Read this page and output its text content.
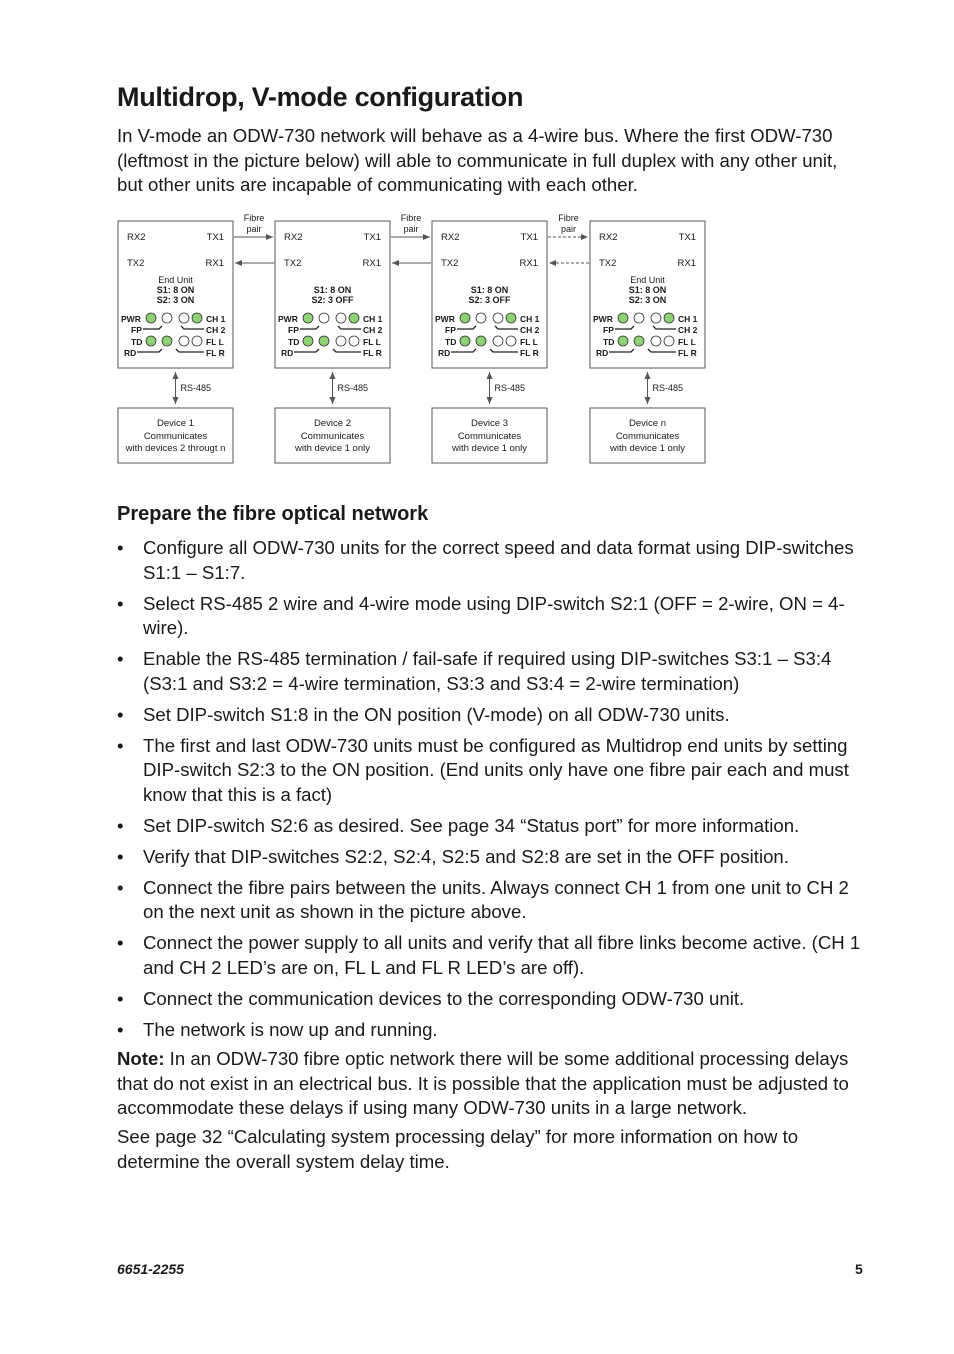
Multidrop, V-mode configuration

In V-mode an ODW-730 network will behave as a 4-wire bus. Where the first ODW-730 (leftmost in the picture below) will able to communicate in full duplex with any other unit, but other units are incapable of communicating with each other.

RX2	TX1
TX2	RX1
End Unit
S1: 8 ON
S2: 3 ON
PWR
FP
TD
RD
CH 1
CH 2
FL L
FL R
RS-485
Device 1
Communicates
with devices 2 througt n
RX2	TX1
TX2	RX1
S1: 8 ON
S2: 3 OFF
PWR
FP
TD
RD
CH 1
CH 2
FL L
FL R
RS-485
Device 2
Communicates
with device 1 only
RX2	TX1
TX2	RX1
S1: 8 ON
S2: 3 OFF
PWR
FP
TD
RD
CH 1
CH 2
FL L
FL R
RS-485
Device 3
Communicates
with device 1 only
RX2	TX1
TX2	RX1
End Unit
S1: 8 ON
S2: 3 ON
PWR
FP
TD
RD
CH 1
CH 2
FL L
FL R
RS-485
Device n
Communicates
with device 1 only
Fibre
pair
Fibre
pair
Fibre
pair
Prepare the fibre optical network
• Configure all ODW-730 units for the correct speed and data format using DIP-switches S1:1 – S1:7.
• Select RS-485 2 wire and 4-wire mode using DIP-switch S2:1 (OFF = 2-wire, ON = 4-wire).
• Enable the RS-485 termination / fail-safe if required using DIP-switches S3:1 – S3:4 (S3:1 and S3:2 = 4-wire termination, S3:3 and S3:4 = 2-wire termination)
• Set DIP-switch S1:8 in the ON position (V-mode) on all ODW-730 units.
• The first and last ODW-730 units must be configured as Multidrop end units by setting DIP-switch S2:3 to the ON position. (End units only have one fibre pair each and must know that this is a fact)
• Set DIP-switch S2:6 as desired. See page 34 “Status port” for more information.
• Verify that DIP-switches S2:2, S2:4, S2:5 and S2:8 are set in the OFF position.
• Connect the fibre pairs between the units. Always connect CH 1 from one unit to CH 2 on the next unit as shown in the picture above.
• Connect the power supply to all units and verify that all fibre links become active. (CH 1 and CH 2 LED’s are on, FL L and FL R LED’s are off).
• Connect the communication devices to the corresponding ODW-730 unit.
• The network is now up and running.

Note: In an ODW-730 fibre optic network there will be some additional processing delays that do not exist in an electrical bus. It is possible that the application must be adjusted to accommodate these delays if using many ODW-730 units in a large network.

See page 32 “Calculating system processing delay” for more information on how to determine the overall system delay time.

6651-2255	5
